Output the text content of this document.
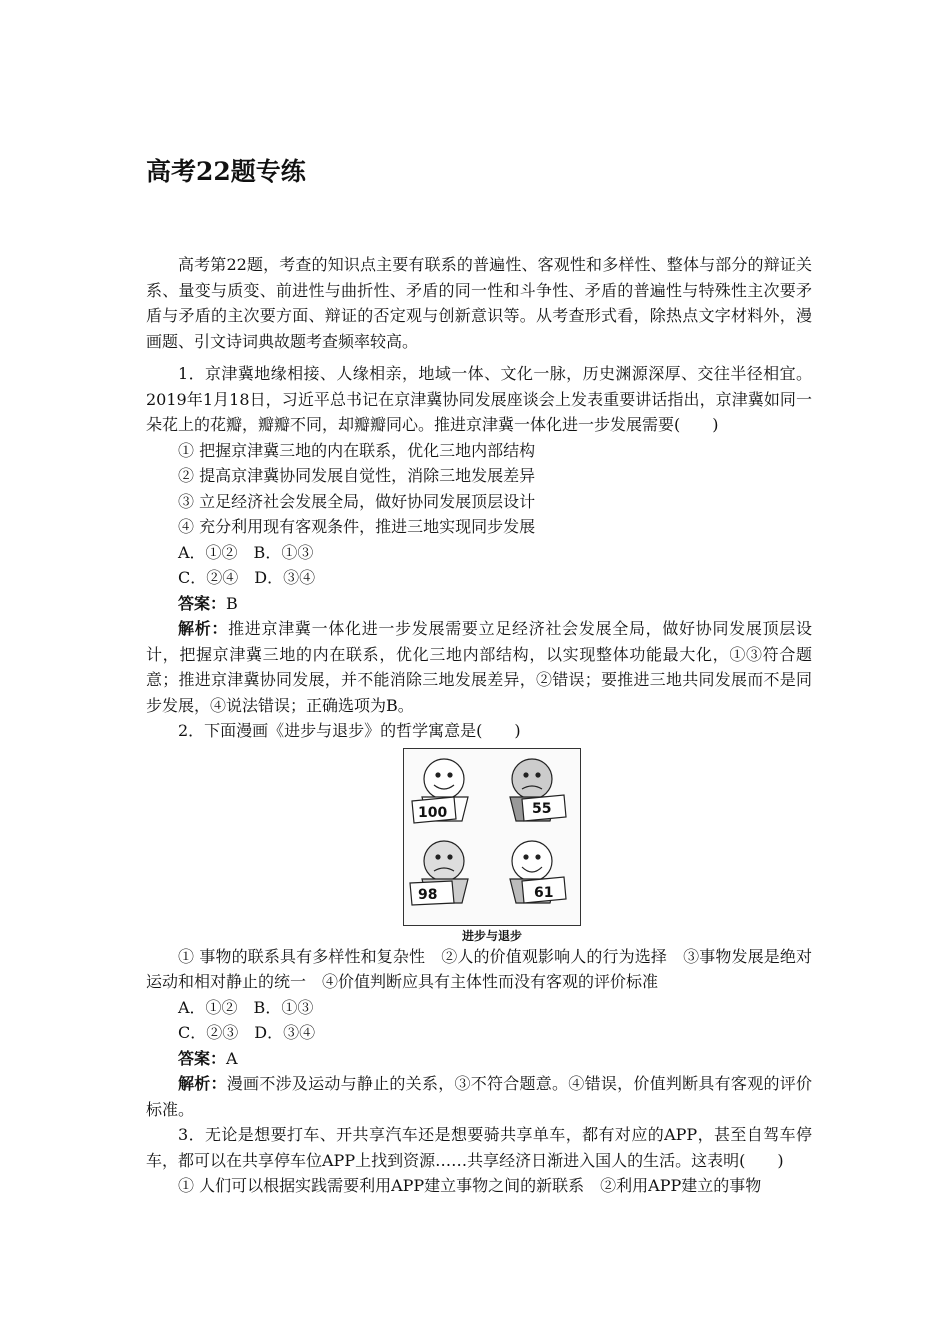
高考22题专练

高考第22题，考查的知识点主要有联系的普遍性、客观性和多样性、整体与部分的辩证关系、量变与质变、前进性与曲折性、矛盾的同一性和斗争性、矛盾的普遍性与特殊性主次要矛盾与矛盾的主次要方面、辩证的否定观与创新意识等。从考查形式看，除热点文字材料外，漫画题、引文诗词典故题考查频率较高。

1．京津冀地缘相接、人缘相亲，地域一体、文化一脉，历史渊源深厚、交往半径相宜。2019年1月18日，习近平总书记在京津冀协同发展座谈会上发表重要讲话指出，京津冀如同一朵花上的花瓣，瓣瓣不同，却瓣瓣同心。推进京津冀一体化进一步发展需要(　　)

① 把握京津冀三地的内在联系，优化三地内部结构

② 提高京津冀协同发展自觉性，消除三地发展差异

③ 立足经济社会发展全局，做好协同发展顶层设计

④ 充分利用现有客观条件，推进三地实现同步发展

A．①②　B．①③

C．②④　D．③④

答案：B

解析：推进京津冀一体化进一步发展需要立足经济社会发展全局，做好协同发展顶层设计，把握京津冀三地的内在联系，优化三地内部结构，以实现整体功能最大化，①③符合题意；推进京津冀协同发展，并不能消除三地发展差异，②错误；要推进三地共同发展而不是同步发展，④说法错误；正确选项为B。

2．下面漫画《进步与退步》的哲学寓意是(　　)

100	55
98	61
进步与退步

① 事物的联系具有多样性和复杂性　②人的价值观影响人的行为选择　③事物发展是绝对运动和相对静止的统一　④价值判断应具有主体性而没有客观的评价标准

A．①②　B．①③

C．②③　D．③④

答案：A

解析：漫画不涉及运动与静止的关系，③不符合题意。④错误，价值判断具有客观的评价标准。

3．无论是想要打车、开共享汽车还是想要骑共享单车，都有对应的APP，甚至自驾车停车，都可以在共享停车位APP上找到资源……共享经济日渐进入国人的生活。这表明(　　)

① 人们可以根据实践需要利用APP建立事物之间的新联系　②利用APP建立的事物
